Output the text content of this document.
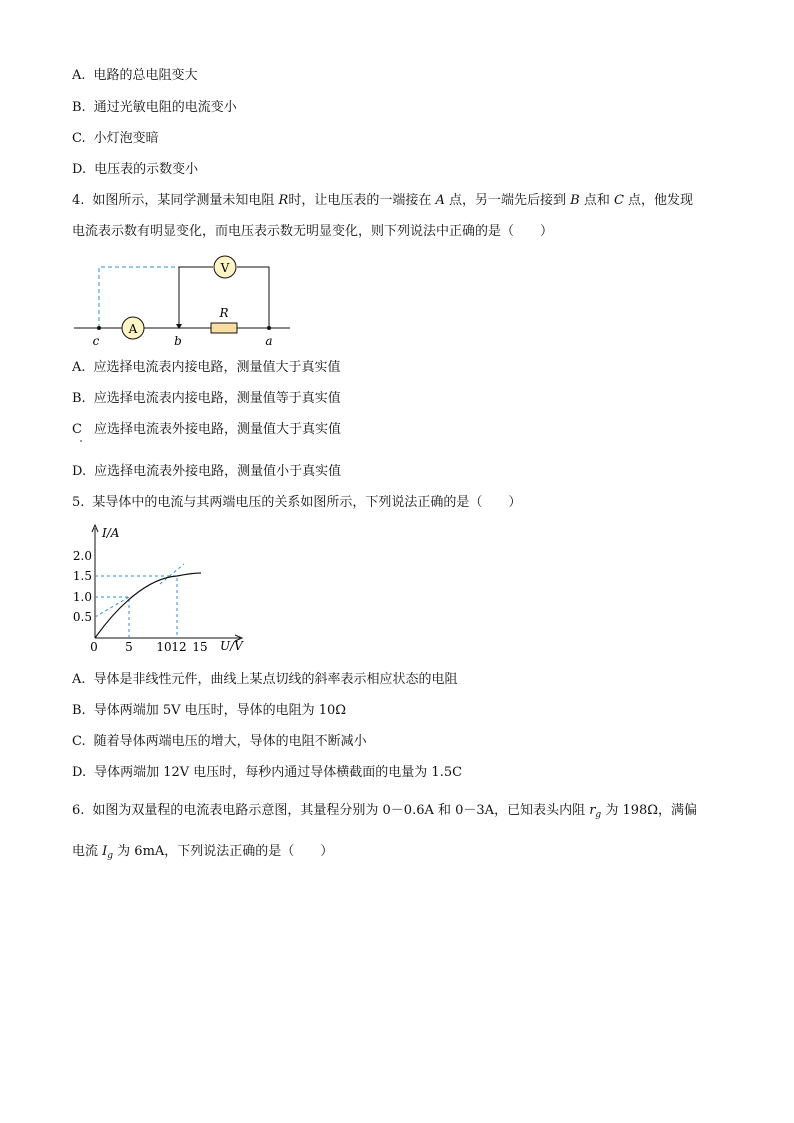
A. 电路的总电阻变大
B. 通过光敏电阻的电流变小
C. 小灯泡变暗
D. 电压表的示数变小
4. 如图所示，某同学测量未知电阻 R时，让电压表的一端接在 A 点，另一端先后接到 B 点和 C 点，他发现
电流表示数有明显变化，而电压表示数无明显变化，则下列说法中正确的是（　　）
V
A
R
c	b	a
A. 应选择电流表内接电路，测量值大于真实值
B. 应选择电流表内接电路，测量值等于真实值
C 应选择电流表外接电路，测量值大于真实值
D. 应选择电流表外接电路，测量值小于真实值
5. 某导体中的电流与其两端电压的关系如图所示，下列说法正确的是（　　）
I/A
U/V
2.0
1.5
1.0
0.5
0 5 10 12 15
A. 导体是非线性元件，曲线上某点切线的斜率表示相应状态的电阻
B. 导体两端加 5V 电压时，导体的电阻为 10Ω
C. 随着导体两端电压的增大，导体的电阻不断减小
D. 导体两端加 12V 电压时，每秒内通过导体横截面的电量为 1.5C
6. 如图为双量程的电流表电路示意图，其量程分别为 0－0.6A 和 0－3A，已知表头内阻 $r_g$ 为 198Ω，满偏
电流 $I_g$ 为 6mA，下列说法正确的是（　　）
